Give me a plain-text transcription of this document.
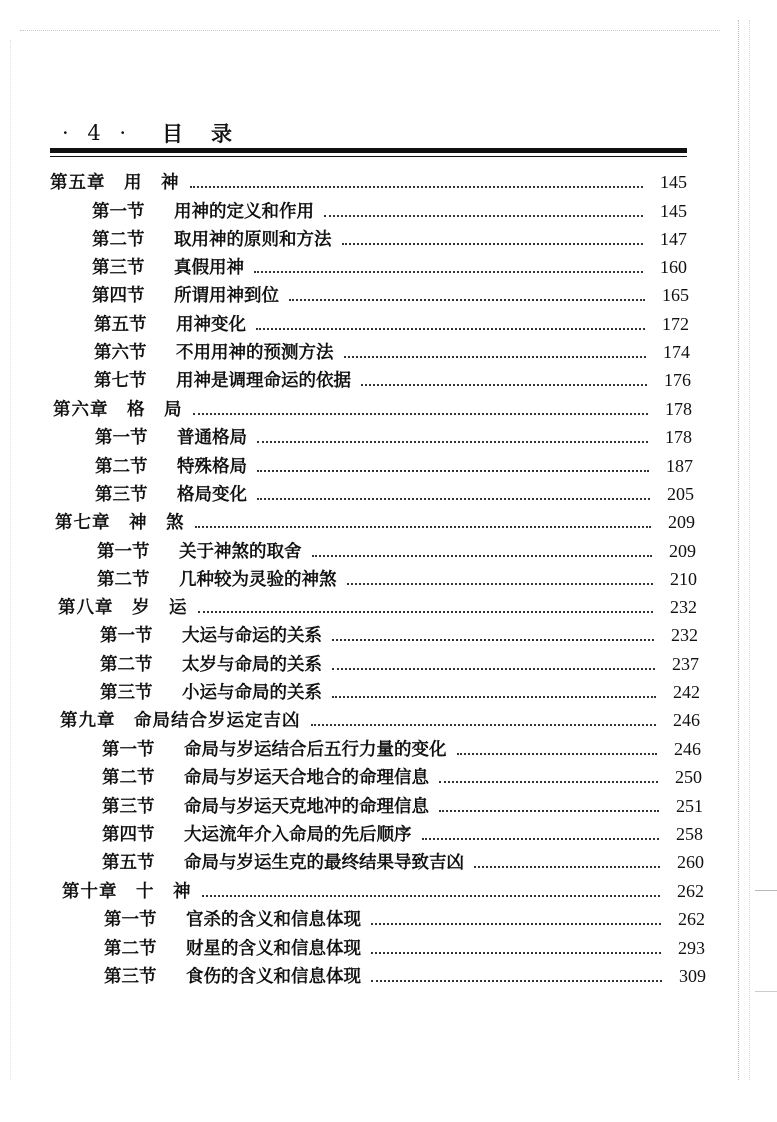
· 4 ·	目录
第五章　用　神	145
第一节	用神的定义和作用	145
第二节	取用神的原则和方法	147
第三节	真假用神	160
第四节	所谓用神到位	165
第五节	用神变化	172
第六节	不用用神的预测方法	174
第七节	用神是调理命运的依据	176
第六章　格　局	178
第一节	普通格局	178
第二节	特殊格局	187
第三节	格局变化	205
第七章　神　煞	209
第一节	关于神煞的取舍	209
第二节	几种较为灵验的神煞	210
第八章　岁　运	232
第一节	大运与命运的关系	232
第二节	太岁与命局的关系	237
第三节	小运与命局的关系	242
第九章　命局结合岁运定吉凶	246
第一节	命局与岁运结合后五行力量的变化	246
第二节	命局与岁运天合地合的命理信息	250
第三节	命局与岁运天克地冲的命理信息	251
第四节	大运流年介入命局的先后顺序	258
第五节	命局与岁运生克的最终结果导致吉凶	260
第十章　十　神	262
第一节	官杀的含义和信息体现	262
第二节	财星的含义和信息体现	293
第三节	食伤的含义和信息体现	309
